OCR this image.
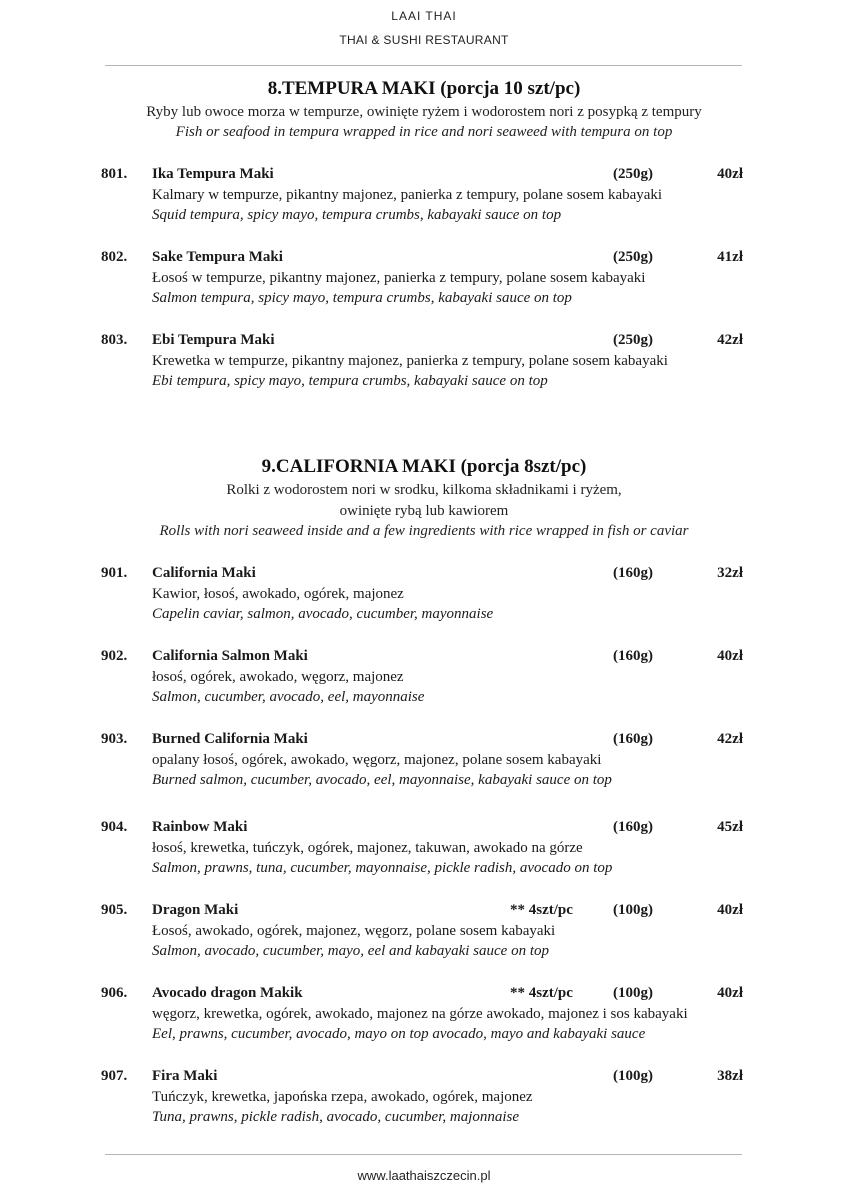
LAAI THAI
THAI & SUSHI RESTAURANT
8.TEMPURA MAKI (porcja 10 szt/pc)
Ryby lub owoce morza w tempurze, owinięte ryżem i wodorostem nori z posypką z tempury
Fish or seafood in tempura wrapped in rice and nori seaweed with tempura on top
801. Ika Tempura Maki	(250g)	40zł
Kalmary w tempurze, pikantny majonez, panierka z tempury, polane sosem kabayaki
Squid tempura, spicy mayo, tempura crumbs, kabayaki sauce on top
802. Sake Tempura Maki	(250g)	41zł
Łosoś w tempurze, pikantny majonez, panierka z tempury, polane sosem kabayaki
Salmon tempura, spicy mayo, tempura crumbs, kabayaki sauce on top
803. Ebi Tempura Maki	(250g)	42zł
Krewetka w tempurze, pikantny majonez, panierka z tempury, polane sosem kabayaki
Ebi tempura, spicy mayo, tempura crumbs, kabayaki sauce on top
9.CALIFORNIA MAKI (porcja 8szt/pc)
Rolki z wodorostem nori w srodku, kilkoma składnikami i ryżem,
owinięte rybą lub kawiorem
Rolls with nori seaweed inside and a few ingredients with rice wrapped in fish or caviar
901. California Maki	(160g)	32zł
Kawior, łosoś, awokado, ogórek, majonez
Capelin caviar, salmon, avocado, cucumber, mayonnaise
902. California Salmon Maki	(160g)	40zł
łosoś, ogórek, awokado, węgorz, majonez
Salmon, cucumber, avocado, eel, mayonnaise
903. Burned California Maki	(160g)	42zł
opalany łosoś, ogórek, awokado, węgorz, majonez, polane sosem kabayaki
Burned salmon, cucumber, avocado, eel, mayonnaise, kabayaki sauce on top
904. Rainbow Maki	(160g)	45zł
łosoś, krewetka, tuńczyk, ogórek, majonez, takuwan, awokado na górze
Salmon, prawns, tuna, cucumber, mayonnaise, pickle radish, avocado on top
905. Dragon Maki	** 4szt/pc	(100g)	40zł
Łosoś, awokado, ogórek, majonez, węgorz, polane sosem kabayaki
Salmon, avocado, cucumber, mayo, eel and kabayaki sauce on top
906. Avocado dragon Makik	** 4szt/pc	(100g)	40zł
węgorz, krewetka, ogórek, awokado, majonez na górze awokado, majonez i sos kabayaki
Eel, prawns, cucumber, avocado, mayo on top avocado, mayo and kabayaki sauce
907. Fira Maki	(100g)	38zł
Tuńczyk, krewetka, japońska rzepa, awokado, ogórek, majonez
Tuna, prawns, pickle radish, avocado, cucumber, majonnaise
www.laathaiszczecin.pl
